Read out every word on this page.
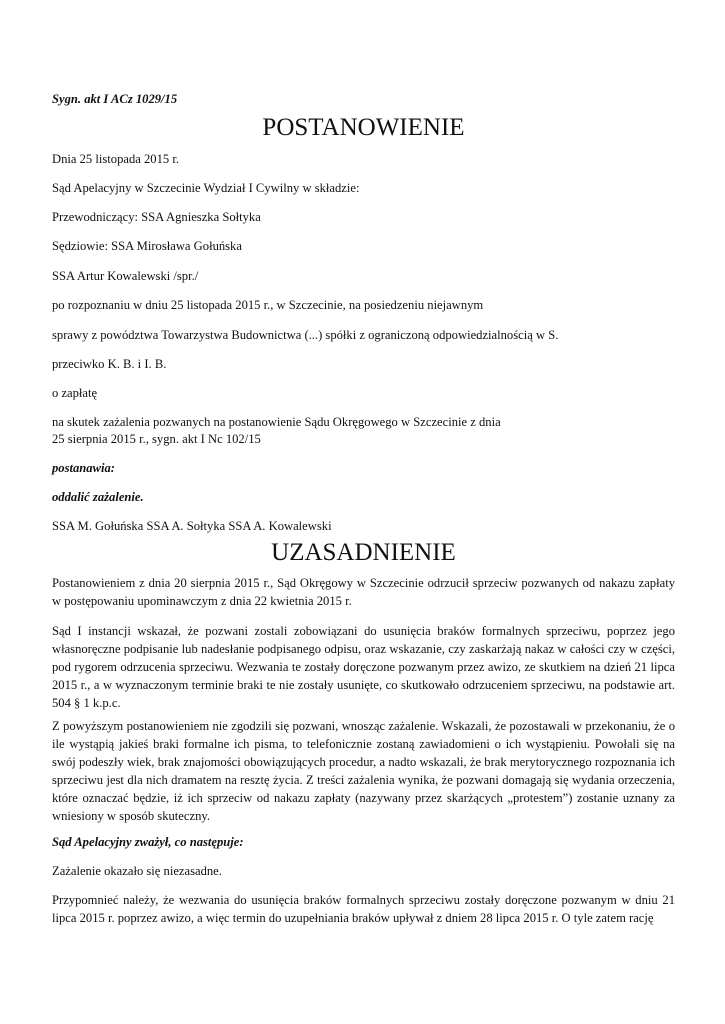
Sygn. akt I ACz 1029/15

POSTANOWIENIE

Dnia 25 listopada 2015 r.

Sąd Apelacyjny w Szczecinie Wydział I Cywilny w składzie:

Przewodniczący: SSA Agnieszka Sołtyka

Sędziowie: SSA Mirosława Gołuńska

SSA Artur Kowalewski /spr./

po rozpoznaniu w dniu 25 listopada 2015 r., w Szczecinie, na posiedzeniu niejawnym

sprawy z powództwa Towarzystwa Budownictwa (...) spółki z ograniczoną odpowiedzialnością w S.

przeciwko K. B. i I. B.

o zapłatę

na skutek zażalenia pozwanych na postanowienie Sądu Okręgowego w Szczecinie z dnia

25 sierpnia 2015 r., sygn. akt I Nc 102/15

postanawia:

oddalić zażalenie.

SSA M. Gołuńska SSA A. Sołtyka SSA A. Kowalewski

UZASADNIENIE

Postanowieniem z dnia 20 sierpnia 2015 r., Sąd Okręgowy w Szczecinie odrzucił sprzeciw pozwanych od nakazu zapłaty w postępowaniu upominawczym z dnia 22 kwietnia 2015 r.

Sąd I instancji wskazał, że pozwani zostali zobowiązani do usunięcia braków formalnych sprzeciwu, poprzez jego własnoręczne podpisanie lub nadesłanie podpisanego odpisu, oraz wskazanie, czy zaskarżają nakaz w całości czy w części, pod rygorem odrzucenia sprzeciwu. Wezwania te zostały doręczone pozwanym przez awizo, ze skutkiem na dzień 21 lipca 2015 r., a w wyznaczonym terminie braki te nie zostały usunięte, co skutkowało odrzuceniem sprzeciwu, na podstawie art. 504 § 1 k.p.c.

Z powyższym postanowieniem nie zgodzili się pozwani, wnosząc zażalenie. Wskazali, że pozostawali w przekonaniu, że o ile wystąpią jakieś braki formalne ich pisma, to telefonicznie zostaną zawiadomieni o ich wystąpieniu. Powołali się na swój podeszły wiek, brak znajomości obowiązujących procedur, a nadto wskazali, że brak merytorycznego rozpoznania ich sprzeciwu jest dla nich dramatem na resztę życia. Z treści zażalenia wynika, że pozwani domagają się wydania orzeczenia, które oznaczać będzie, iż ich sprzeciw od nakazu zapłaty (nazywany przez skarżących „protestem”) zostanie uznany za wniesiony w sposób skuteczny.

Sąd Apelacyjny zważył, co następuje:

Zażalenie okazało się niezasadne.

Przypomnieć należy, że wezwania do usunięcia braków formalnych sprzeciwu zostały doręczone pozwanym w dniu 21 lipca 2015 r. poprzez awizo, a więc termin do uzupełniania braków upływał z dniem 28 lipca 2015 r. O tyle zatem rację
